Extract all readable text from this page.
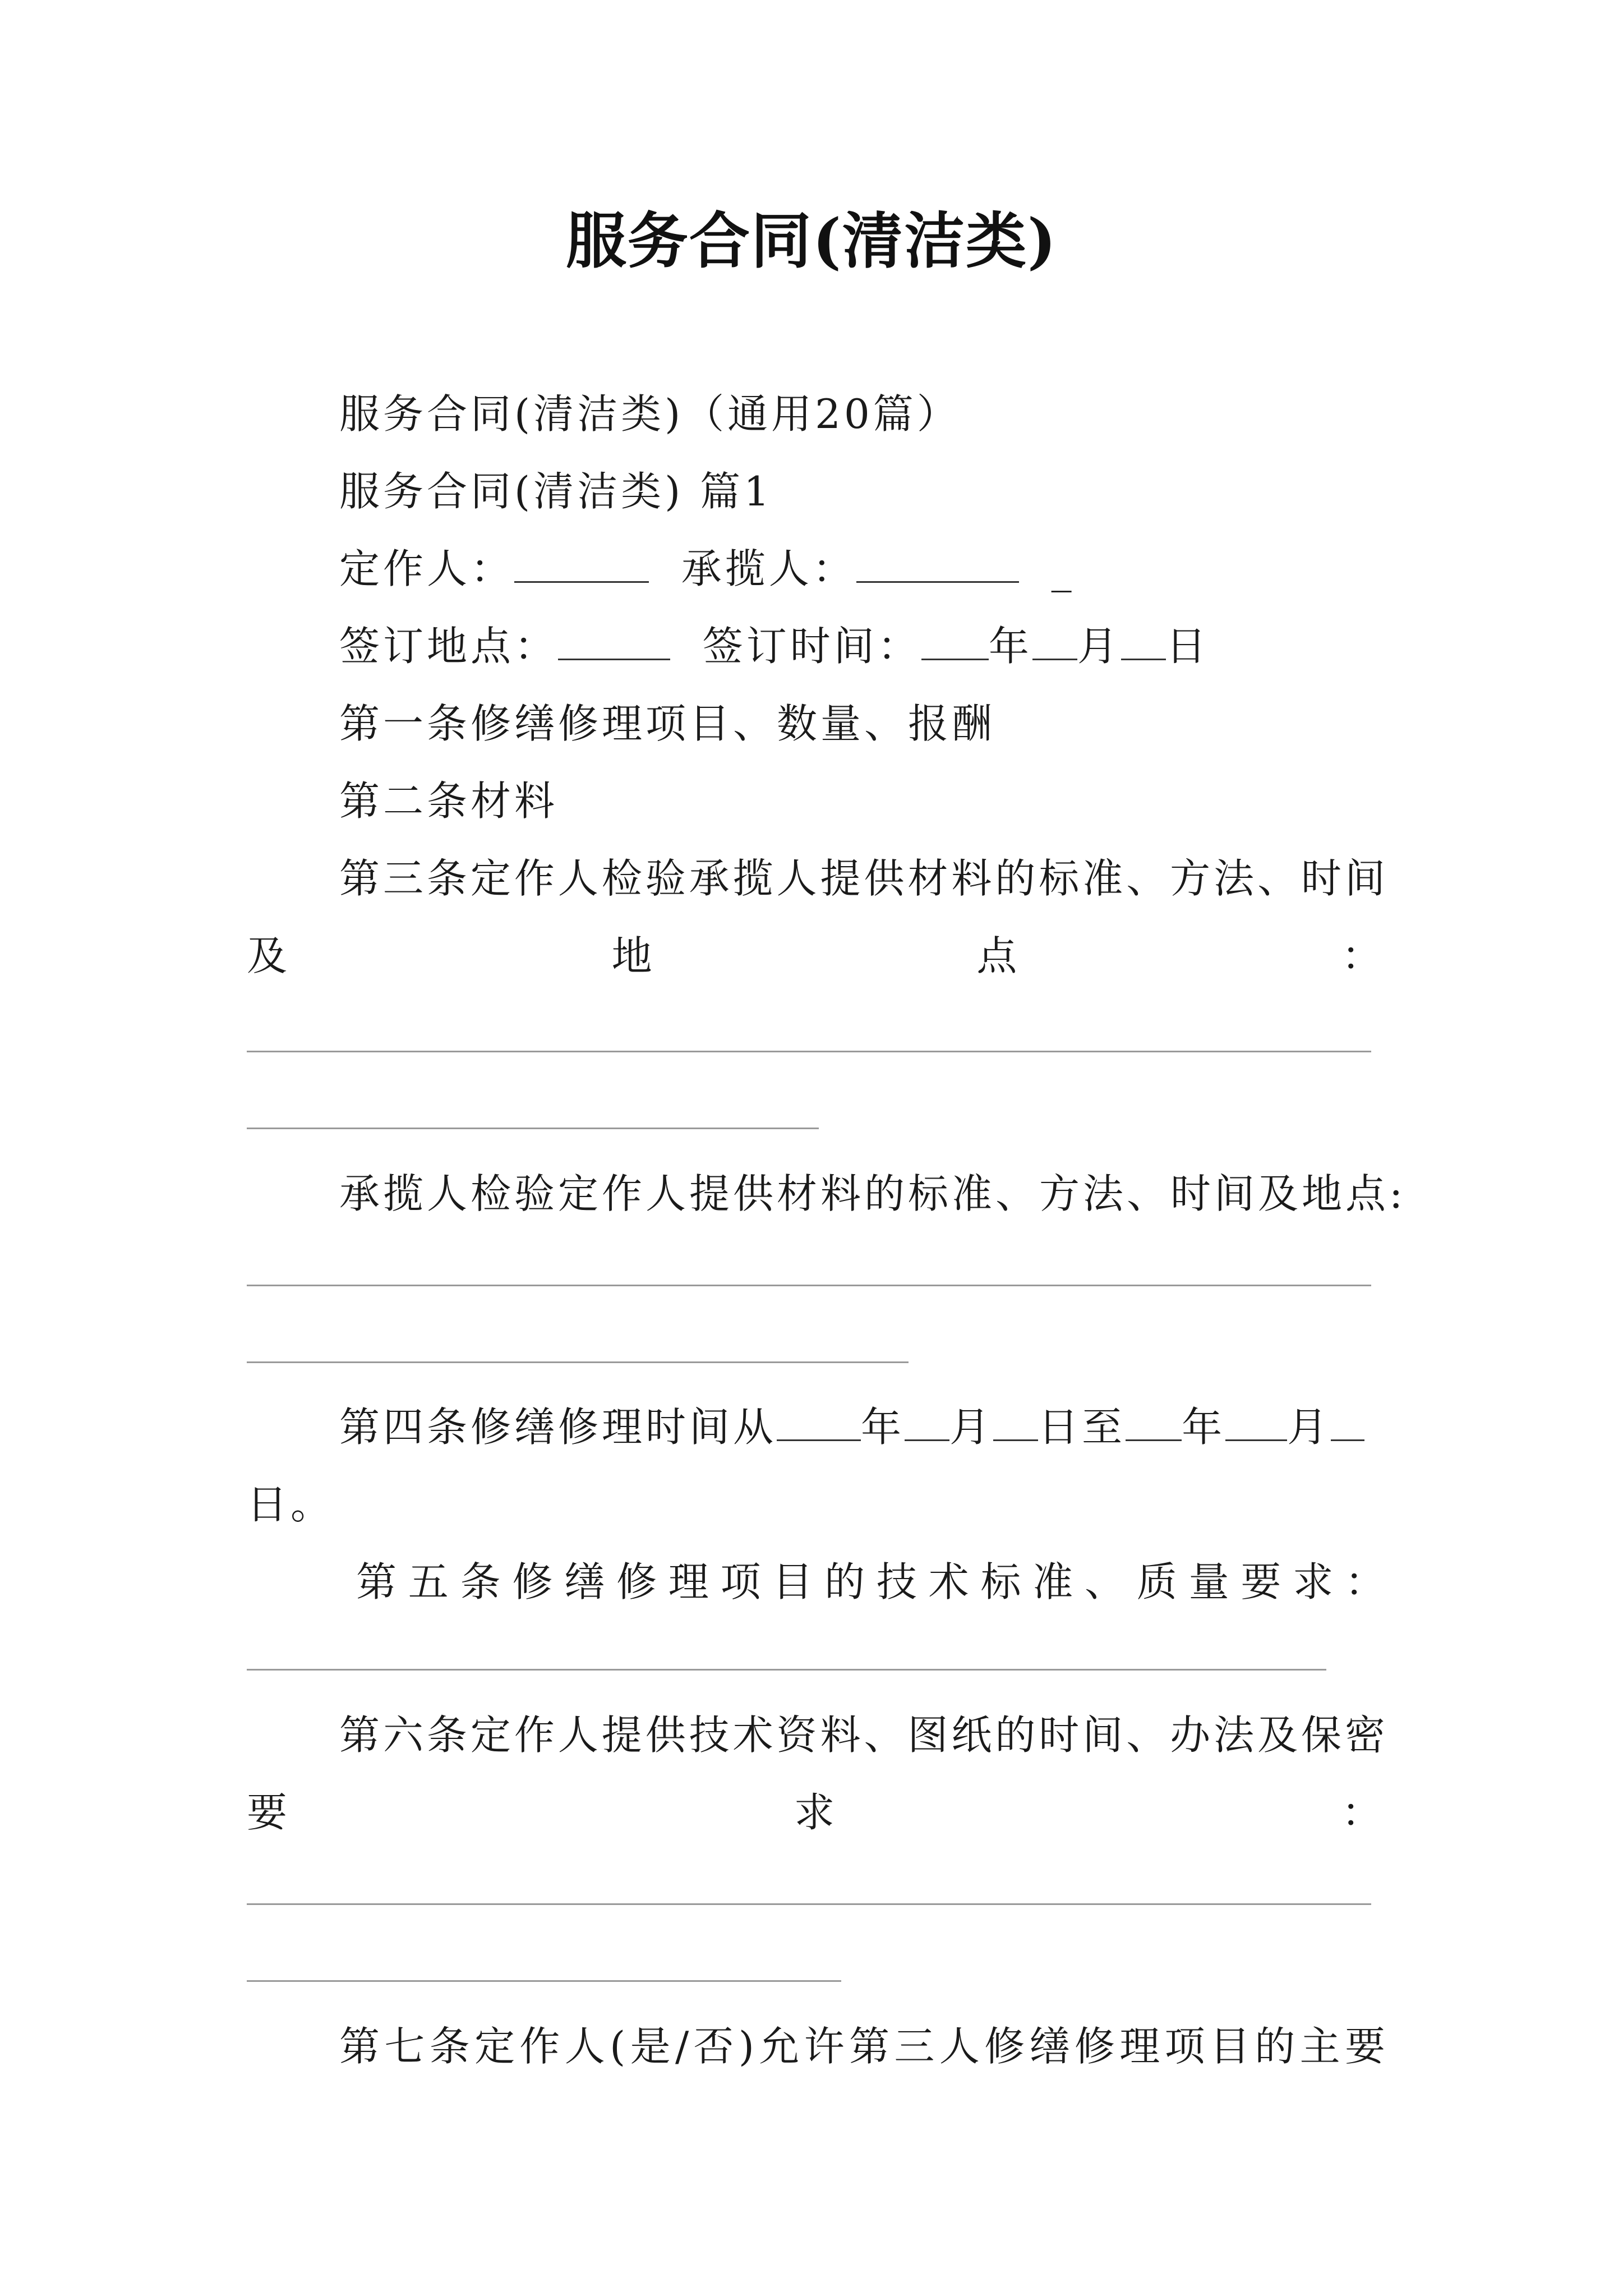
服务合同(清洁类)
服务合同(清洁类)（通用20篇）
服务合同(清洁类) 篇1
定作人：	承揽人：	_
签订地点：	签订时间： 年 月 日
第一条修缮修理项目、数量、报酬
第二条材料
第三条定作人检验承揽人提供材料的标准、方法、时间
及	地	点	：
承揽人检验定作人提供材料的标准、方法、时间及地点:
第四条修缮修理时间从 年 月 日至 年 月
日。
第五条修缮修理项目的技术标准、质量要求：
第六条定作人提供技术资料、图纸的时间、办法及保密
要	求	：
第七条定作人(是/否)允许第三人修缮修理项目的主要
